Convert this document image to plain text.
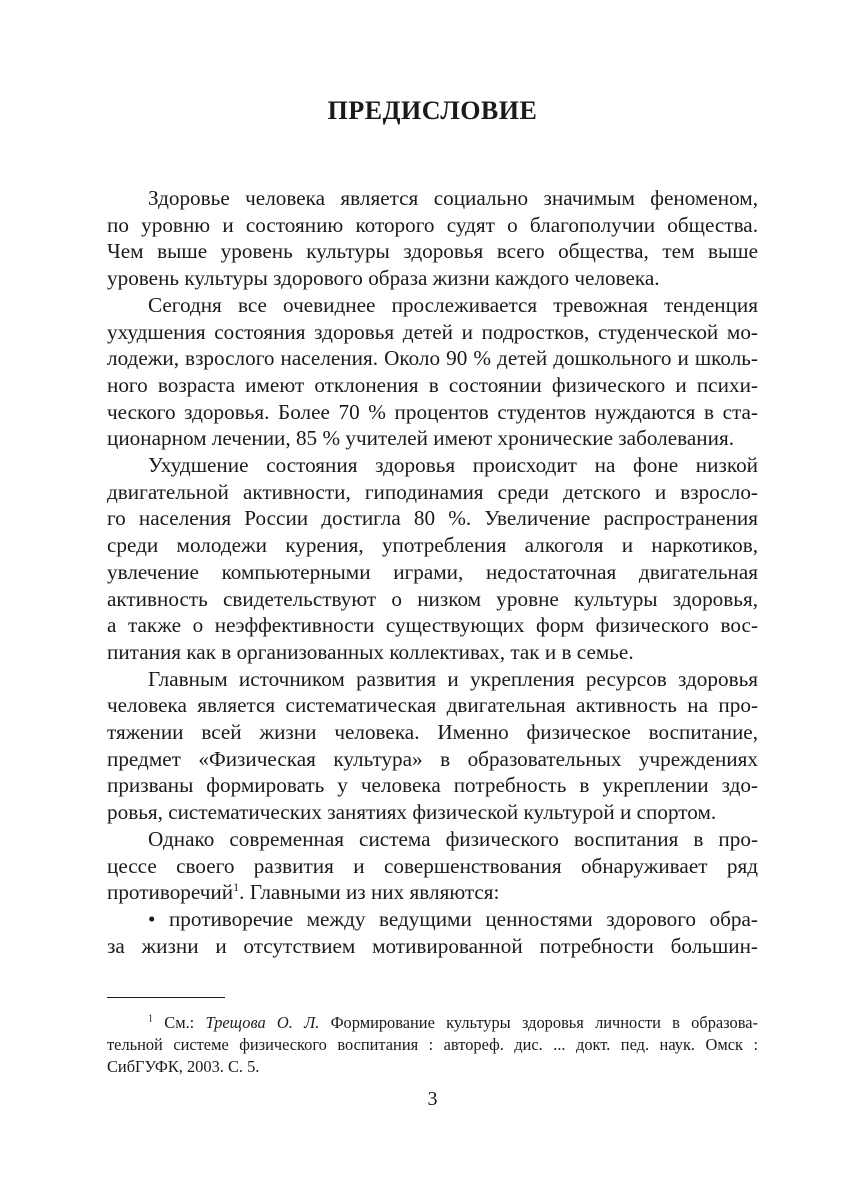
ПРЕДИСЛОВИЕ
Здоровье человека является социально значимым феноменом,
по уровню и состоянию которого судят о благополучии общества.
Чем выше уровень культуры здоровья всего общества, тем выше
уровень культуры здорового образа жизни каждого человека.
Сегодня все очевиднее прослеживается тревожная тенденция
ухудшения состояния здоровья детей и подростков, студенческой мо-
лодежи, взрослого населения. Около 90 % детей дошкольного и школь-
ного возраста имеют отклонения в состоянии физического и психи-
ческого здоровья. Более 70 % процентов студентов нуждаются в ста-
ционарном лечении, 85 % учителей имеют хронические заболевания.
Ухудшение состояния здоровья происходит на фоне низкой
двигательной активности, гиподинамия среди детского и взросло-
го населения России достигла 80 %. Увеличение распространения
среди молодежи курения, употребления алкоголя и наркотиков,
увлечение компьютерными играми, недостаточная двигательная
активность свидетельствуют о низком уровне культуры здоровья,
а также о неэффективности существующих форм физического вос-
питания как в организованных коллективах, так и в семье.
Главным источником развития и укрепления ресурсов здоровья
человека является систематическая двигательная активность на про-
тяжении всей жизни человека. Именно физическое воспитание,
предмет «Физическая культура» в образовательных учреждениях
призваны формировать у человека потребность в укреплении здо-
ровья, систематических занятиях физической культурой и спортом.
Однако современная система физического воспитания в про-
цессе своего развития и совершенствования обнаруживает ряд
противоречий$^1$. Главными из них являются:
• противоречие между ведущими ценностями здорового обра-
за жизни и отсутствием мотивированной потребности большин-
$^1$ См.: Трещова О. Л. Формирование культуры здоровья личности в образова-
тельной системе физического воспитания : автореф. дис. ... докт. пед. наук. Омск :
СибГУФК, 2003. С. 5.
3
